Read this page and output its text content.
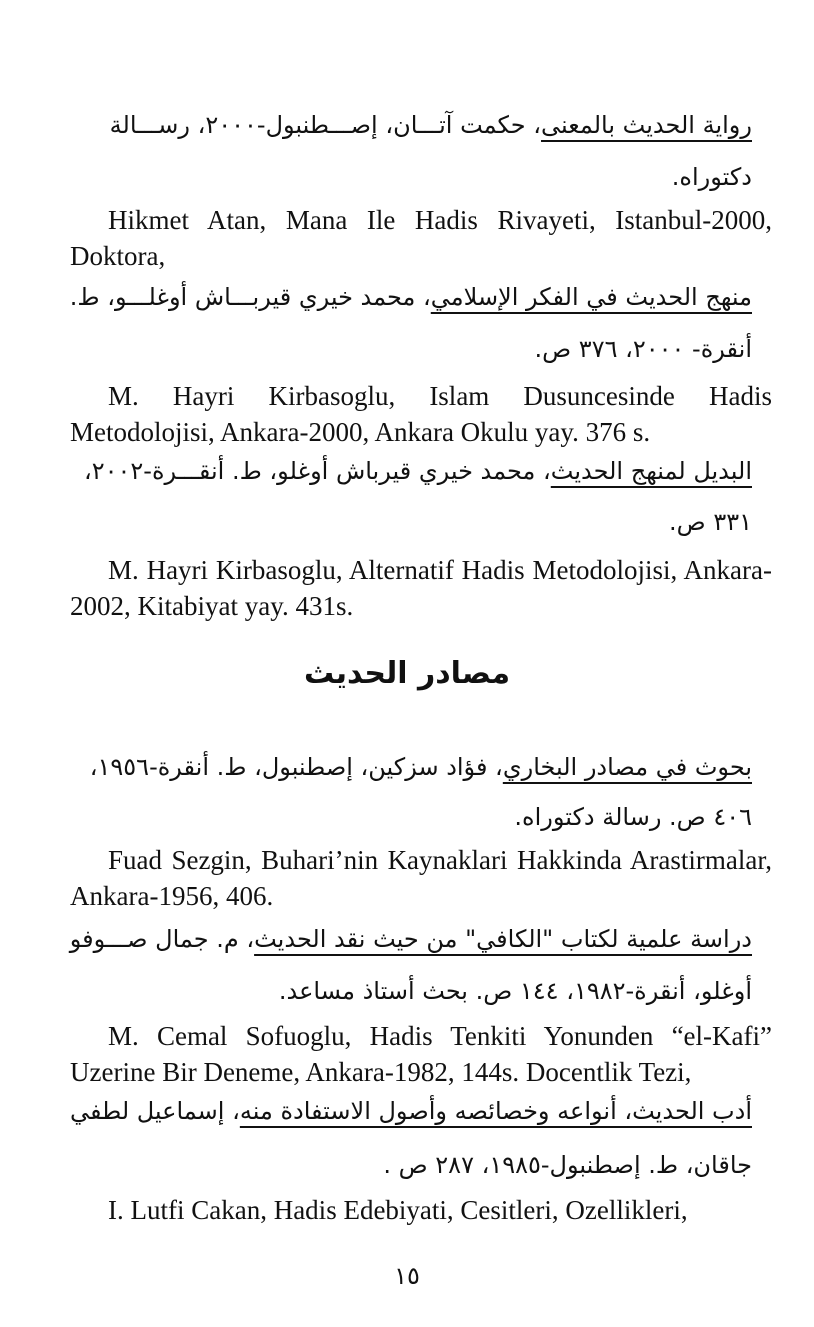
رواية الحديث بالمعنى، حكمت آتـــان، إصـــطنبول-٢٠٠٠، رســـالة
دكتوراه.
Hikmet Atan, Mana Ile Hadis Rivayeti, Istanbul-2000, Doktora,
منهج الحديث في الفكر الإسلامي، محمد خيري قيربـــاش أوغلـــو، ط.
أنقرة- ٢٠٠٠، ٣٧٦ ص.
M. Hayri Kirbasoglu, Islam Dusuncesinde Hadis Metodolojisi, Ankara-2000, Ankara Okulu yay. 376 s.
البديل لمنهج الحديث، محمد خيري قيرباش أوغلو، ط. أنقـــرة-٢٠٠٢،
٣٣١ ص.
M. Hayri Kirbasoglu, Alternatif Hadis Metodolojisi, Ankara-2002, Kitabiyat yay. 431s.
مصادر الحديث
بحوث في مصادر البخاري، فؤاد سزكين، إصطنبول، ط. أنقرة-١٩٥٦،
٤٠٦ ص. رسالة دكتوراه.
Fuad Sezgin, Buhari’nin Kaynaklari Hakkinda Arastirmalar, Ankara-1956, 406.
دراسة علمية لكتاب "الكافي" من حيث نقد الحديث، م. جمال صـــوفو
أوغلو، أنقرة-١٩٨٢، ١٤٤ ص. بحث أستاذ مساعد.
M. Cemal Sofuoglu, Hadis Tenkiti Yonunden “el-Kafi” Uzerine Bir Deneme, Ankara-1982, 144s. Docentlik Tezi,
أدب الحديث، أنواعه وخصائصه وأصول الاستفادة منه، إسماعيل لطفي
جاقان، ط. إصطنبول-١٩٨٥، ٢٨٧ ص .
I. Lutfi Cakan, Hadis Edebiyati, Cesitleri, Ozellikleri,
١٥
